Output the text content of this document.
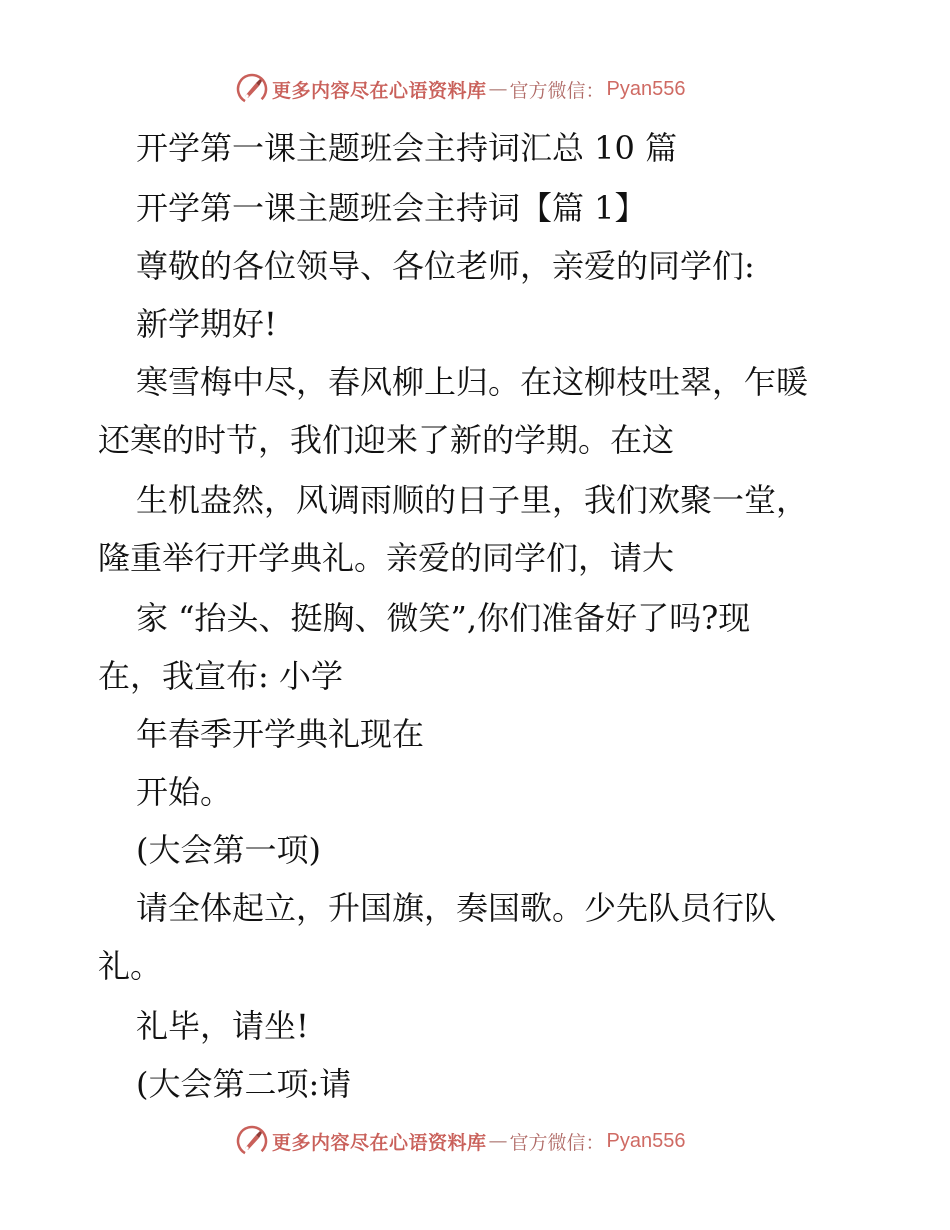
更多内容尽在心语资料库 — 官方微信： Pyan556
开学第一课主题班会主持词汇总 10 篇
开学第一课主题班会主持词【篇 1】
尊敬的各位领导、各位老师，亲爱的同学们:
新学期好!
寒雪梅中尽，春风柳上归。在这柳枝吐翠，乍暖
还寒的时节，我们迎来了新的学期。在这
生机盎然，风调雨顺的日子里，我们欢聚一堂，
隆重举行开学典礼。亲爱的同学们，请大
家 “抬头、挺胸、微笑”,你们准备好了吗?现
在，我宣布: 小学
年春季开学典礼现在
开始。
(大会第一项)
请全体起立，升国旗，奏国歌。少先队员行队
礼。
礼毕，请坐!
(大会第二项:请
更多内容尽在心语资料库 — 官方微信： Pyan556
